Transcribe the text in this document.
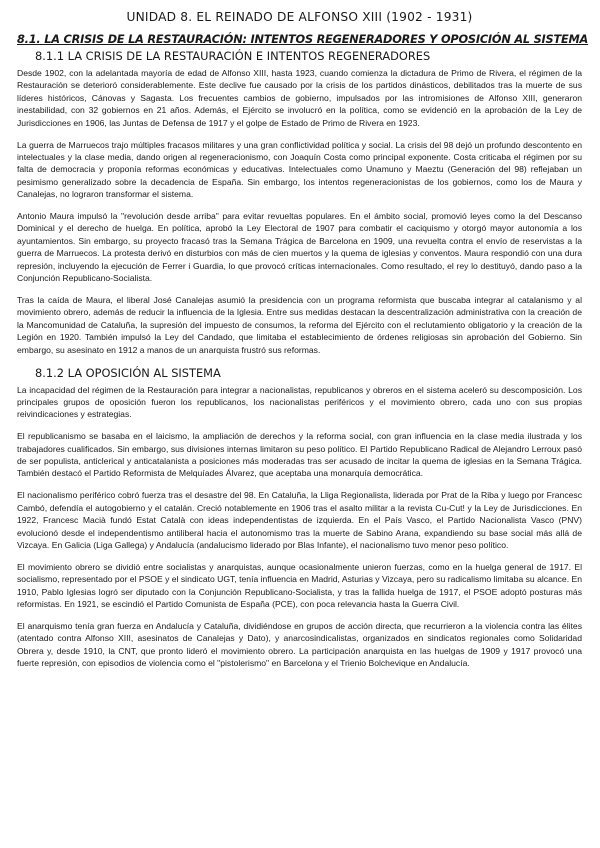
UNIDAD 8. EL REINADO DE ALFONSO XIII (1902 - 1931)
8.1. LA CRISIS DE LA RESTAURACIÓN: INTENTOS REGENERADORES Y OPOSICIÓN AL SISTEMA
8.1.1 LA CRISIS DE LA RESTAURACIÓN E INTENTOS REGENERADORES

Desde 1902, con la adelantada mayoría de edad de Alfonso XIII, hasta 1923, cuando comienza la dictadura de Primo de Rivera, el régimen de la Restauración se deterioró considerablemente. Este declive fue causado por la crisis de los partidos dinásticos, debilitados tras la muerte de sus líderes históricos, Cánovas y Sagasta. Los frecuentes cambios de gobierno, impulsados por las intromisiones de Alfonso XIII, generaron inestabilidad, con 32 gobiernos en 21 años. Además, el Ejército se involucró en la política, como se evidenció en la aprobación de la Ley de Jurisdicciones en 1906, las Juntas de Defensa de 1917 y el golpe de Estado de Primo de Rivera en 1923.

La guerra de Marruecos trajo múltiples fracasos militares y una gran conflictividad política y social. La crisis del 98 dejó un profundo descontento en intelectuales y la clase media, dando origen al regeneracionismo, con Joaquín Costa como principal exponente. Costa criticaba el régimen por su falta de democracia y proponía reformas económicas y educativas. Intelectuales como Unamuno y Maeztu (Generación del 98) reflejaban un pesimismo generalizado sobre la decadencia de España. Sin embargo, los intentos regeneracionistas de los gobiernos, como los de Maura y Canalejas, no lograron transformar el sistema.

Antonio Maura impulsó la "revolución desde arriba" para evitar revueltas populares. En el ámbito social, promovió leyes como la del Descanso Dominical y el derecho de huelga. En política, aprobó la Ley Electoral de 1907 para combatir el caciquismo y otorgó mayor autonomía a los ayuntamientos. Sin embargo, su proyecto fracasó tras la Semana Trágica de Barcelona en 1909, una revuelta contra el envío de reservistas a la guerra de Marruecos. La protesta derivó en disturbios con más de cien muertos y la quema de iglesias y conventos. Maura respondió con una dura represión, incluyendo la ejecución de Ferrer i Guardia, lo que provocó críticas internacionales. Como resultado, el rey lo destituyó, dando paso a la Conjunción Republicano-Socialista.

Tras la caída de Maura, el liberal José Canalejas asumió la presidencia con un programa reformista que buscaba integrar al catalanismo y al movimiento obrero, además de reducir la influencia de la Iglesia. Entre sus medidas destacan la descentralización administrativa con la creación de la Mancomunidad de Cataluña, la supresión del impuesto de consumos, la reforma del Ejército con el reclutamiento obligatorio y la creación de la Legión en 1920. También impulsó la Ley del Candado, que limitaba el establecimiento de órdenes religiosas sin aprobación del Gobierno. Sin embargo, su asesinato en 1912 a manos de un anarquista frustró sus reformas.

8.1.2 LA OPOSICIÓN AL SISTEMA

La incapacidad del régimen de la Restauración para integrar a nacionalistas, republicanos y obreros en el sistema aceleró su descomposición. Los principales grupos de oposición fueron los republicanos, los nacionalistas periféricos y el movimiento obrero, cada uno con sus propias reivindicaciones y estrategias.

El republicanismo se basaba en el laicismo, la ampliación de derechos y la reforma social, con gran influencia en la clase media ilustrada y los trabajadores cualificados. Sin embargo, sus divisiones internas limitaron su peso político. El Partido Republicano Radical de Alejandro Lerroux pasó de ser populista, anticlerical y anticatalanista a posiciones más moderadas tras ser acusado de incitar la quema de iglesias en la Semana Trágica. También destacó el Partido Reformista de Melquíades Álvarez, que aceptaba una monarquía democrática.

El nacionalismo periférico cobró fuerza tras el desastre del 98. En Cataluña, la Lliga Regionalista, liderada por Prat de la Riba y luego por Francesc Cambó, defendía el autogobierno y el catalán. Creció notablemente en 1906 tras el asalto militar a la revista Cu-Cut! y la Ley de Jurisdicciones. En 1922, Francesc Macià fundó Estat Català con ideas independentistas de izquierda. En el País Vasco, el Partido Nacionalista Vasco (PNV) evolucionó desde el independentismo antiliberal hacia el autonomismo tras la muerte de Sabino Arana, expandiendo su base social más allá de Vizcaya. En Galicia (Liga Gallega) y Andalucía (andalucismo liderado por Blas Infante), el nacionalismo tuvo menor peso político.

El movimiento obrero se dividió entre socialistas y anarquistas, aunque ocasionalmente unieron fuerzas, como en la huelga general de 1917. El socialismo, representado por el PSOE y el sindicato UGT, tenía influencia en Madrid, Asturias y Vizcaya, pero su radicalismo limitaba su alcance. En 1910, Pablo Iglesias logró ser diputado con la Conjunción Republicano-Socialista, y tras la fallida huelga de 1917, el PSOE adoptó posturas más reformistas. En 1921, se escindió el Partido Comunista de España (PCE), con poca relevancia hasta la Guerra Civil.

El anarquismo tenía gran fuerza en Andalucía y Cataluña, dividiéndose en grupos de acción directa, que recurrieron a la violencia contra las élites (atentado contra Alfonso XIII, asesinatos de Canalejas y Dato), y anarcosindicalistas, organizados en sindicatos regionales como Solidaridad Obrera y, desde 1910, la CNT, que pronto lideró el movimiento obrero. La participación anarquista en las huelgas de 1909 y 1917 provocó una fuerte represión, con episodios de violencia como el "pistolerismo" en Barcelona y el Trienio Bolchevique en Andalucía.
